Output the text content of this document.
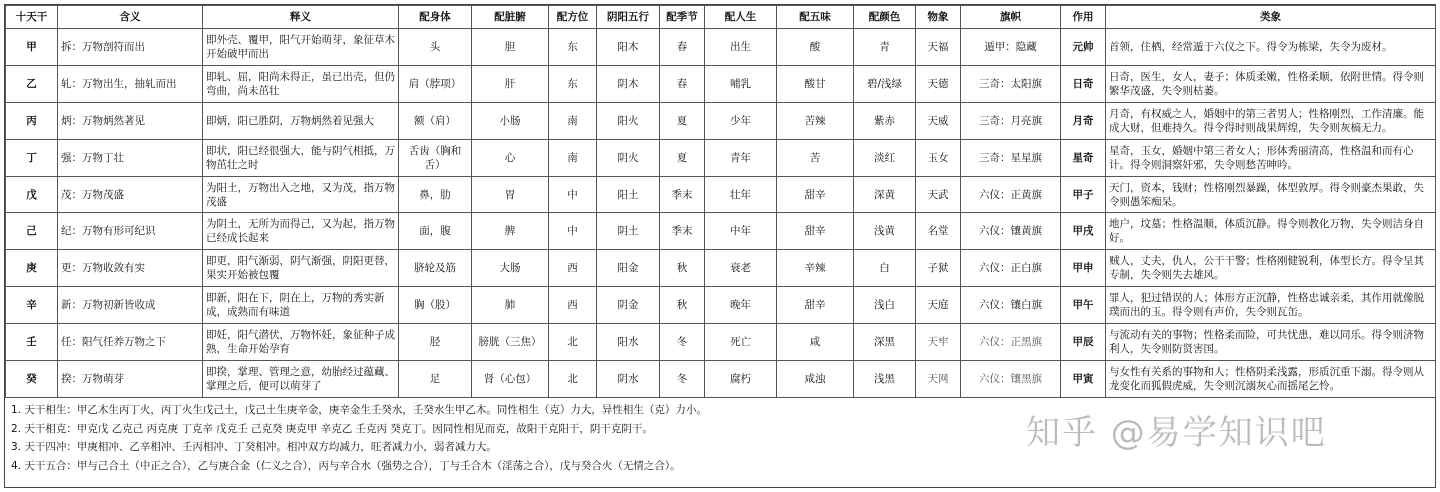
十天干	含义	释义	配身体	配脏腑	配方位	阴阳五行	配季节	配人生	配五味	配颜色	物象	旗帜	作用	类象
甲	拆：万物剖符而出	即外壳、覆甲，阳气开始萌芽，象征草木开始破甲而出	头	胆	东	阳木	春	出生	酸	青	天福	遁甲：隐藏	元帅	首领，住栖，经常遁于六仪之下。得令为栋梁，失令为废材。
乙	轧：万物出生，抽轧而出	即轧、屈，阳尚未得正，虽已出壳，但仍弯曲，尚未茁壮	肩（脖项）	肝	东	阴木	春	哺乳	酸甘	碧/浅绿	天德	三奇：太阳旗	日奇	日奇，医生，女人，妻子；体质柔嫩，性格柔顺，依附世情。得令则繁华茂盛，失令则枯萎。
丙	炳：万物炳然著见	即炳，阳已胜阴，万物炳然着见强大	额（肩）	小肠	南	阳火	夏	少年	苦辣	紫赤	天威	三奇：月亮旗	月奇	月奇，有权威之人，婚姻中的第三者男人；性格刚烈，工作清廉。能成大财，但难持久。得令得时则战果辉煌，失令则灰槁无力。
丁	强：万物丁壮	即状，阳已经很强大，能与阴气相抵，万物茁壮之时	舌齿（胸和舌）	心	南	阴火	夏	青年	苦	淡红	玉女	三奇：星星旗	星奇	星奇，玉女，婚姻中第三者女人；形体秀丽清高，性格温和而有心计。得令则洞察奸邪，失令则愁苦呻吟。
戊	茂：万物茂盛	为阳土，万物出入之地，又为茂，指万物茂盛	鼻，肋	胃	中	阳土	季末	壮年	甜辛	深黄	天武	六仪：正黄旗	甲子	天门，资本，钱财；性格刚烈暴躁，体型敦厚。得令则豪杰果敢，失令则愚笨痴呆。
己	纪：万物有形可纪识	为阴土，无所为而得己，又为起，指万物已经成长起来	面，腹	脾	中	阴土	季末	中年	甜辛	浅黄	名堂	六仪：镶黄旗	甲戌	地户，坟墓；性格温顺，体质沉静。得令则教化万物，失令则洁身自好。
庚	更：万物收敛有实	即更，阳气渐弱，阴气渐强，阴阳更替，果实开始被包覆	脐轮及筋	大肠	西	阳金	秋	衰老	辛辣	白	子狱	六仪：正白旗	甲申	贼人，丈夫，仇人，公干干警；性格刚健锐利，体型长方。得令呈其专制，失令则失去雄风。
辛	新：万物初新皆收成	即新，阳在下，阴在上，万物的秀实新成，成熟而有味道	胸（股）	肺	西	阴金	秋	晚年	甜辛	浅白	天庭	六仪：镶白旗	甲午	罪人，犯过错误的人；体形方正沉静，性格忠诚亲柔，其作用就像脱璞而出的玉。得令则有声价，失令则瓦缶。
壬	任：阳气任养万物之下	即妊，阳气潜伏，万物怀妊，象征种子成熟，生命开始孕育	胫	膀胱（三焦）	北	阳水	冬	死亡	咸	深黑	天牢	六仪：正黑旗	甲辰	与流动有关的事物；性格柔而险，可共忧患，难以同乐。得令则济物利人，失令则防贤害国。
癸	揆：万物萌芽	即揆，掌理、管理之意，幼胎经过蕴藏、掌理之后，便可以萌芽了	足	肾（心包）	北	阴水	冬	腐朽	咸浊	浅黑	天网	六仪：镶黑旗	甲寅	与女性有关系的事物和人；性格阴柔浅露，形质沉重下溺。得令则从龙变化而狐假虎威，失令则沉溺灰心而摇尾乞怜。
1. 天干相生：甲乙木生丙丁火，丙丁火生戊己土，戊己土生庚辛金，庚辛金生壬癸水，壬癸水生甲乙木。同性相生（克）力大，异性相生（克）力小。
2. 天干相克：甲克戊 乙克己 丙克庚 丁克辛 戊克壬 己克癸 庚克甲 辛克乙 壬克丙 癸克丁。因同性相见而克，故阳干克阳干，阴干克阴干。
3. 天干四冲：甲庚相冲、乙辛相冲、壬丙相冲、丁癸相冲。相冲双方均减力，旺者减力小，弱者减力大。
4. 天干五合：甲与己合土（中正之合），乙与庚合金（仁义之合），丙与辛合水（强势之合），丁与壬合木（淫荡之合），戊与癸合火（无情之合）。
知乎 @易学知识吧
